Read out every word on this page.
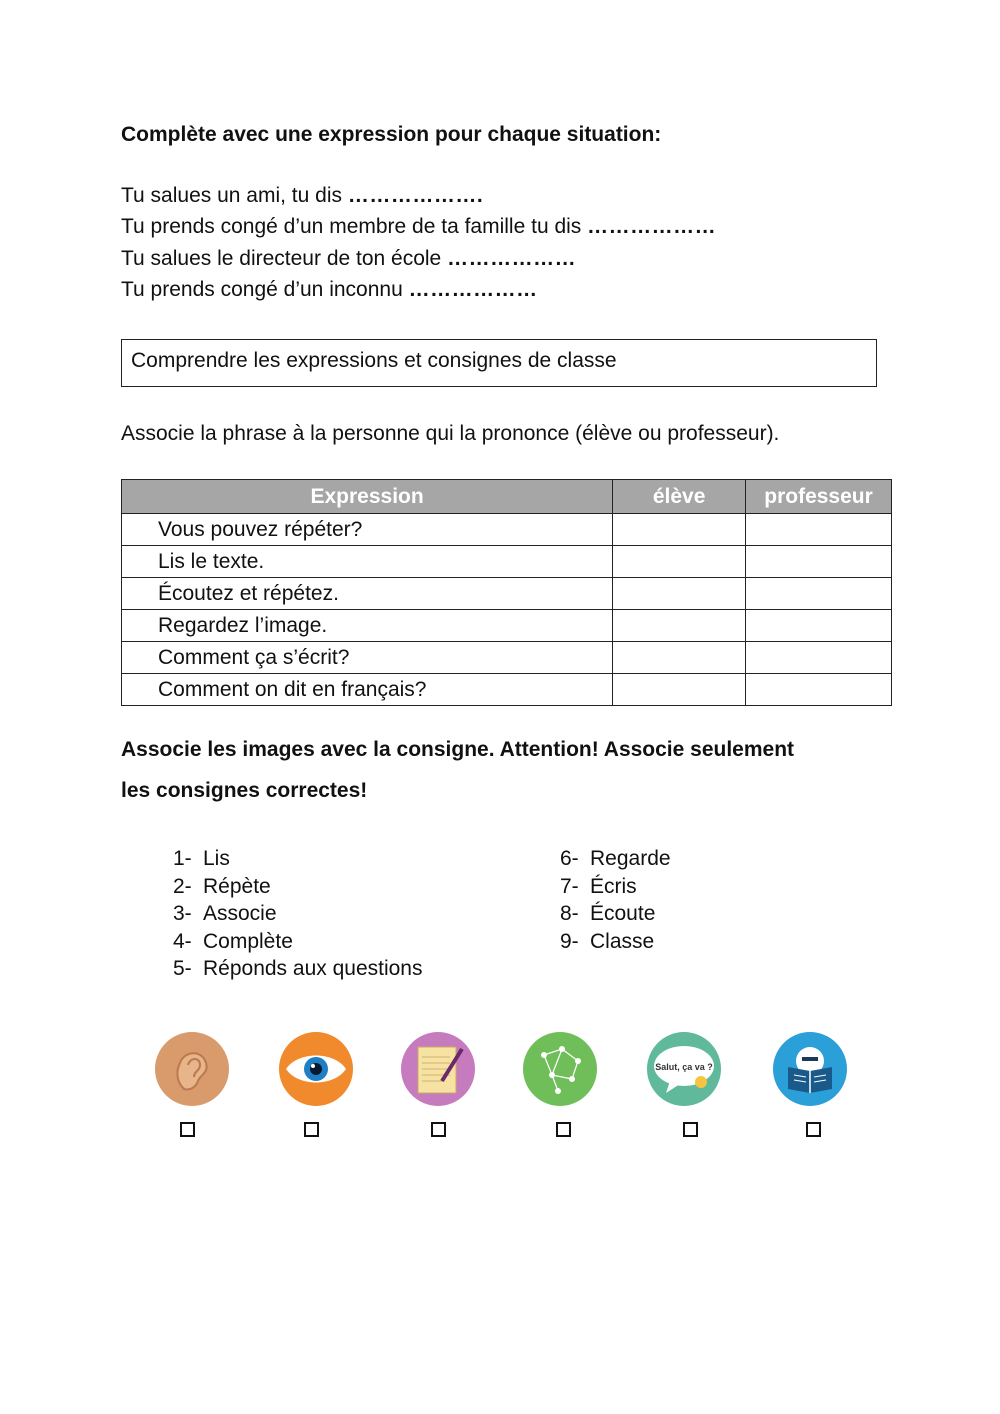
Complète avec une expression pour chaque situation:
Tu salues un ami, tu dis ……………….
Tu prends congé d’un membre de ta famille tu dis ………………
Tu salues le directeur de ton école ………………
Tu prends congé d’un inconnu ………………
Comprendre les expressions et consignes de classe
Associe la phrase à la personne qui la prononce (élève ou professeur).
Expression	élève	professeur
Vous pouvez répéter?		
Lis le texte.		
Écoutez et répétez.		
Regardez l’image.		
Comment ça s’écrit?		
Comment on dit en français?		
Associe les images avec la consigne. Attention! Associe seulement
les consignes correctes!
1- Lis
2- Répète
3- Associe
4- Complète
5- Réponds aux questions
6- Regarde
7- Écris
8- Écoute
9- Classe
Salut, ça va ?
